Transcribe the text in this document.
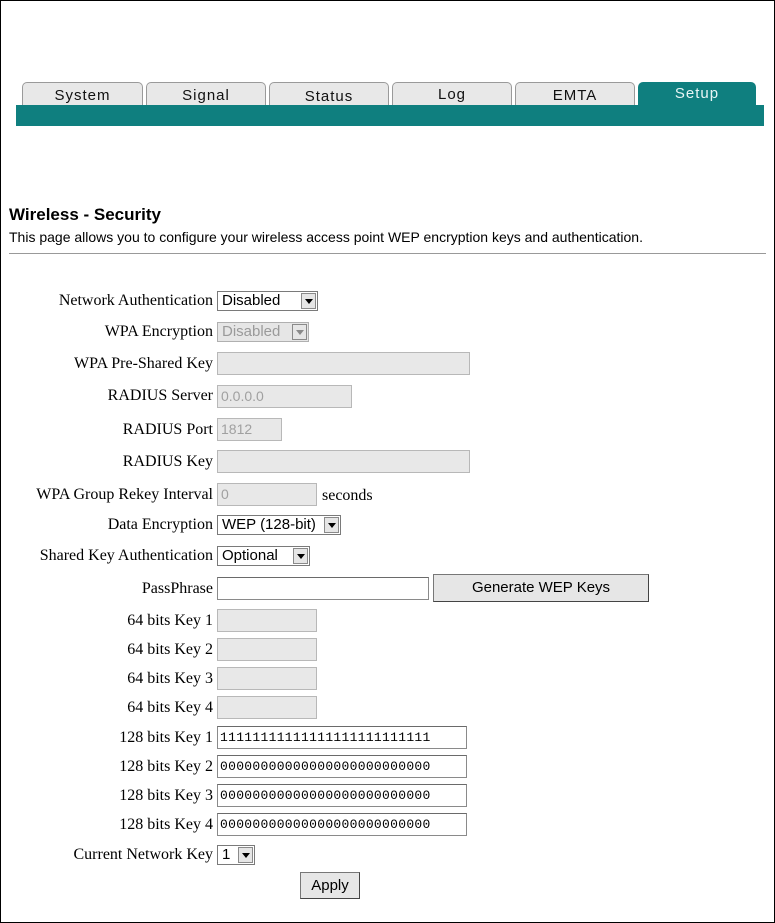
System	Signal	Status	Log	EMTA	Setup
Wireless - Security
This page allows you to configure your wireless access point WEP encryption keys and authentication.
Network Authentication Disabled
WPA Encryption Disabled
WPA Pre-Shared Key
RADIUS Server 0.0.0.0
RADIUS Port 1812
RADIUS Key
WPA Group Rekey Interval 0	seconds
Data Encryption WEP (128-bit)
Shared Key Authentication Optional
PassPhrase	Generate WEP Keys
64 bits Key 1
64 bits Key 2
64 bits Key 3
64 bits Key 4
128 bits Key 1 11111111111111111111111111
128 bits Key 2 00000000000000000000000000
128 bits Key 3 00000000000000000000000000
128 bits Key 4 00000000000000000000000000
Current Network Key 1
Apply
